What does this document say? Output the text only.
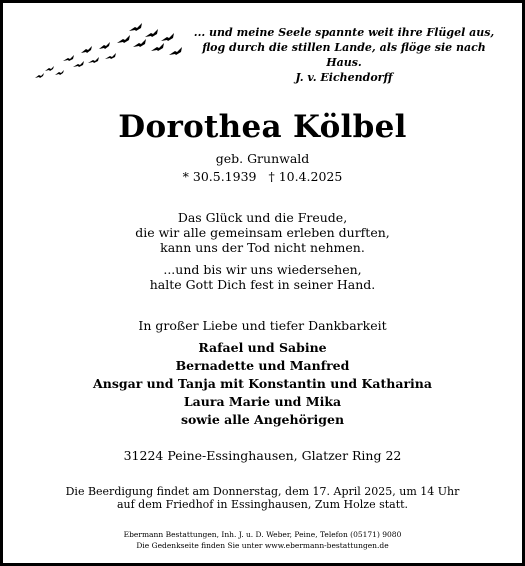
... und meine Seele spannte weit ihre Flügel aus,
flog durch die stillen Lande, als flöge sie nach Haus.
J. v. Eichendorff
Dorothea Kölbel
geb. Grunwald
* 30.5.1939 † 10.4.2025
Das Glück und die Freude,
die wir alle gemeinsam erleben durften,
kann uns der Tod nicht nehmen.
...und bis wir uns wiedersehen,
halte Gott Dich fest in seiner Hand.
In großer Liebe und tiefer Dankbarkeit
Rafael und Sabine
Bernadette und Manfred
Ansgar und Tanja mit Konstantin und Katharina
Laura Marie und Mika
sowie alle Angehörigen
31224 Peine-Essinghausen, Glatzer Ring 22
Die Beerdigung findet am Donnerstag, dem 17. April 2025, um 14 Uhr
auf dem Friedhof in Essinghausen, Zum Holze statt.
Ebermann Bestattungen, Inh. J. u. D. Weber, Peine, Telefon (05171) 9080
Die Gedenkseite finden Sie unter www.ebermann-bestattungen.de
